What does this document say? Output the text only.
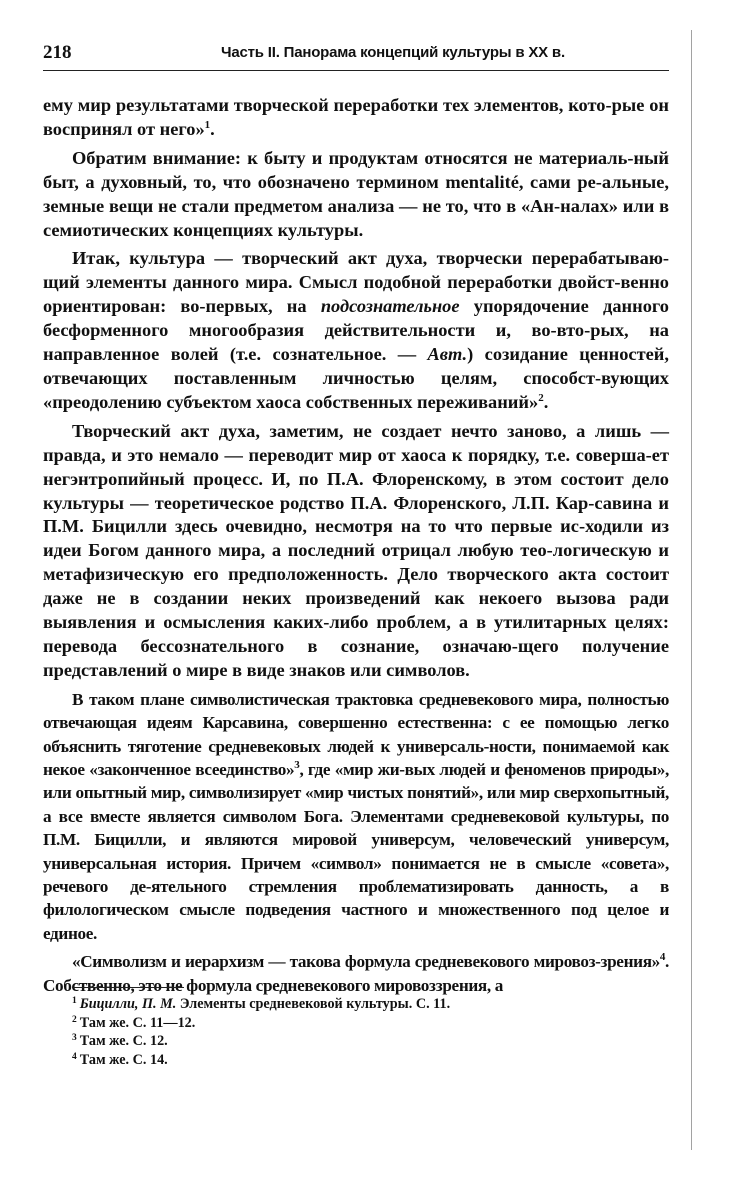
218	Часть II. Панорама концепций культуры в XX в.

ему мир результатами творческой переработки тех элементов, кото-рые он воспринял от него»$^1$.

Обратим внимание: к быту и продуктам относятся не материаль-ный быт, а духовный, то, что обозначено термином mentalité, сами ре-альные, земные вещи не стали предметом анализа — не то, что в «Ан-налах» или в семиотических концепциях культуры.

Итак, культура — творческий акт духа, творчески перерабатываю-щий элементы данного мира. Смысл подобной переработки двойст-венно ориентирован: во-первых, на подсознательное упорядочение данного бесформенного многообразия действительности и, во-вто-рых, на направленное волей (т.е. сознательное. — Авт.) созидание ценностей, отвечающих поставленным личностью целям, способст-вующих «преодолению субъектом хаоса собственных переживаний»$^2$.

Творческий акт духа, заметим, не создает нечто заново, а лишь — правда, и это немало — переводит мир от хаоса к порядку, т.е. соверша-ет негэнтропийный процесс. И, по П.А. Флоренскому, в этом состоит дело культуры — теоретическое родство П.А. Флоренского, Л.П. Кар-савина и П.М. Бицилли здесь очевидно, несмотря на то что первые ис-ходили из идеи Богом данного мира, а последний отрицал любую тео-логическую и метафизическую его предположенность. Дело творческого акта состоит даже не в создании неких произведений как некоего вызова ради выявления и осмысления каких-либо проблем, а в утилитарных целях: перевода бессознательного в сознание, означаю-щего получение представлений о мире в виде знаков или символов.

В таком плане символистическая трактовка средневекового мира, полностью отвечающая идеям Карсавина, совершенно естественна: с ее помощью легко объяснить тяготение средневековых людей к универсаль-ности, понимаемой как некое «законченное всеединство»$^3$, где «мир жи-вых людей и феноменов природы», или опытный мир, символизирует «мир чистых понятий», или мир сверхопытный, а все вместе является символом Бога. Элементами средневековой культуры, по П.М. Бицилли, и являются мировой универсум, человеческий универсум, универсальная история. Причем «символ» понимается не в смысле «совета», речевого де-ятельного стремления проблематизировать данность, а в филологическом смысле подведения частного и множественного под целое и единое.

«Символизм и иерархизм — такова формула средневекового мировоз-зрения»$^4$. Собственно, это не формула средневекового мировоззрения, а

$^1$ Бицилли, П. М. Элементы средневековой культуры. С. 11.
$^2$ Там же. С. 11—12.
$^3$ Там же. С. 12.
$^4$ Там же. С. 14.
